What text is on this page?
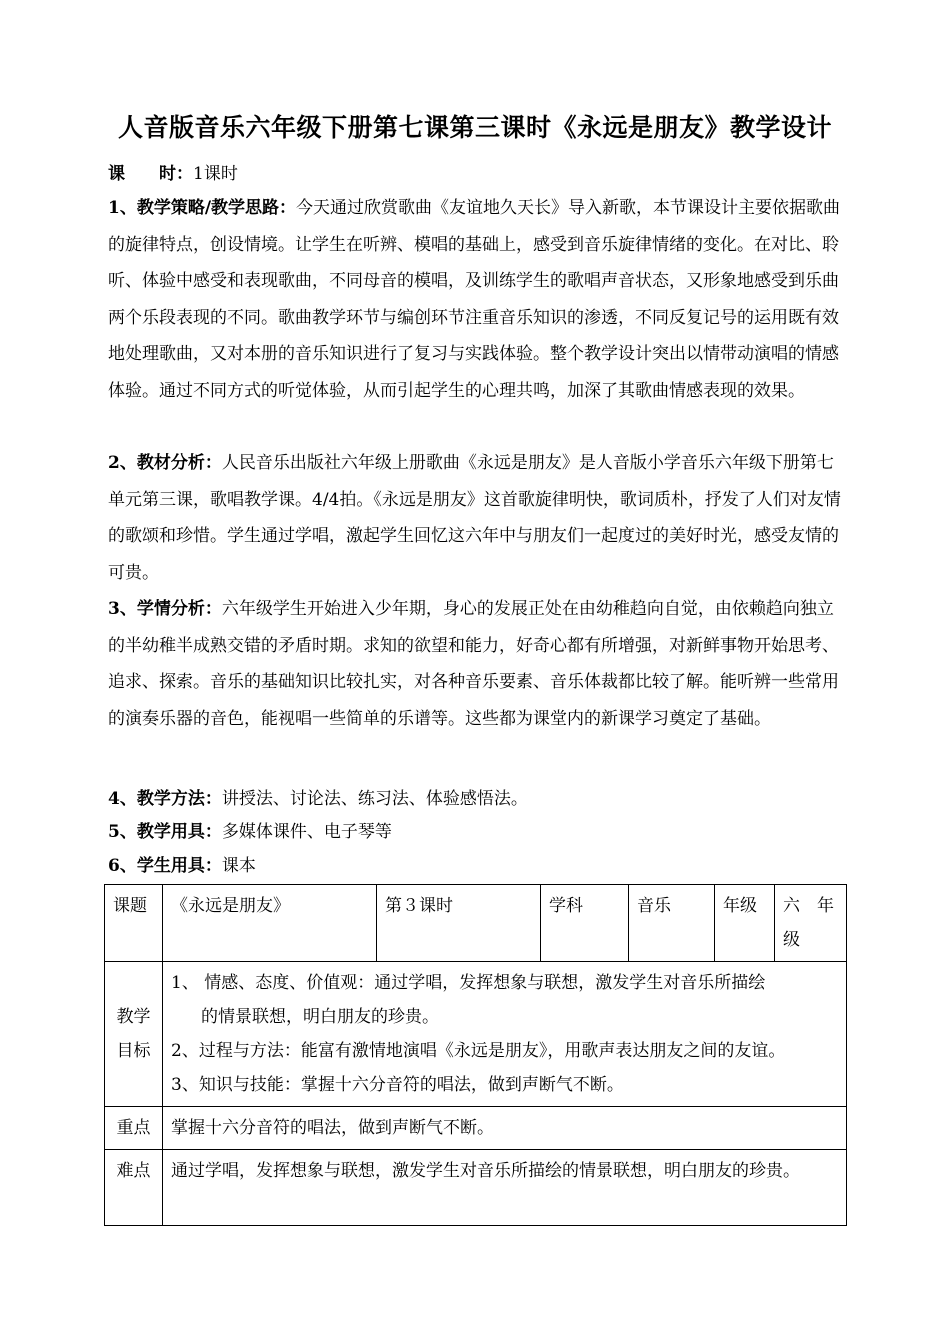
人音版音乐六年级下册第七课第三课时《永远是朋友》教学设计
课　　时：1课时

1、教学策略/教学思路：今天通过欣赏歌曲《友谊地久天长》导入新歌，本节课设计主要依据歌曲的旋律特点，创设情境。让学生在听辨、模唱的基础上，感受到音乐旋律情绪的变化。在对比、聆听、体验中感受和表现歌曲，不同母音的模唱，及训练学生的歌唱声音状态，又形象地感受到乐曲两个乐段表现的不同。歌曲教学环节与编创环节注重音乐知识的渗透，不同反复记号的运用既有效地处理歌曲，又对本册的音乐知识进行了复习与实践体验。整个教学设计突出以情带动演唱的情感体验。通过不同方式的听觉体验，从而引起学生的心理共鸣，加深了其歌曲情感表现的效果。

2、教材分析：人民音乐出版社六年级上册歌曲《永远是朋友》是人音版小学音乐六年级下册第七单元第三课，歌唱教学课。4/4拍。《永远是朋友》这首歌旋律明快，歌词质朴，抒发了人们对友情的歌颂和珍惜。学生通过学唱，激起学生回忆这六年中与朋友们一起度过的美好时光，感受友情的可贵。

3、学情分析：六年级学生开始进入少年期，身心的发展正处在由幼稚趋向自觉，由依赖趋向独立的半幼稚半成熟交错的矛盾时期。求知的欲望和能力，好奇心都有所增强，对新鲜事物开始思考、追求、探索。音乐的基础知识比较扎实，对各种音乐要素、音乐体裁都比较了解。能听辨一些常用的演奏乐器的音色，能视唱一些简单的乐谱等。这些都为课堂内的新课学习奠定了基础。

4、教学方法：讲授法、讨论法、练习法、体验感悟法。
5、教学用具：多媒体课件、电子琴等
6、学生用具：课本
课题	《永远是朋友》	第３课时	学科	音乐	年级	六　年级
教学目标	1、 情感、态度、价值观：通过学唱，发挥想象与联想，激发学生对音乐所描绘
的情景联想，明白朋友的珍贵。
2、过程与方法：能富有激情地演唱《永远是朋友》，用歌声表达朋友之间的友谊。
3、知识与技能：掌握十六分音符的唱法，做到声断气不断。					

重点	掌握十六分音符的唱法，做到声断气不断。					
难点	通过学唱，发挥想象与联想，激发学生对音乐所描绘的情景联想，明白朋友的珍贵。					
